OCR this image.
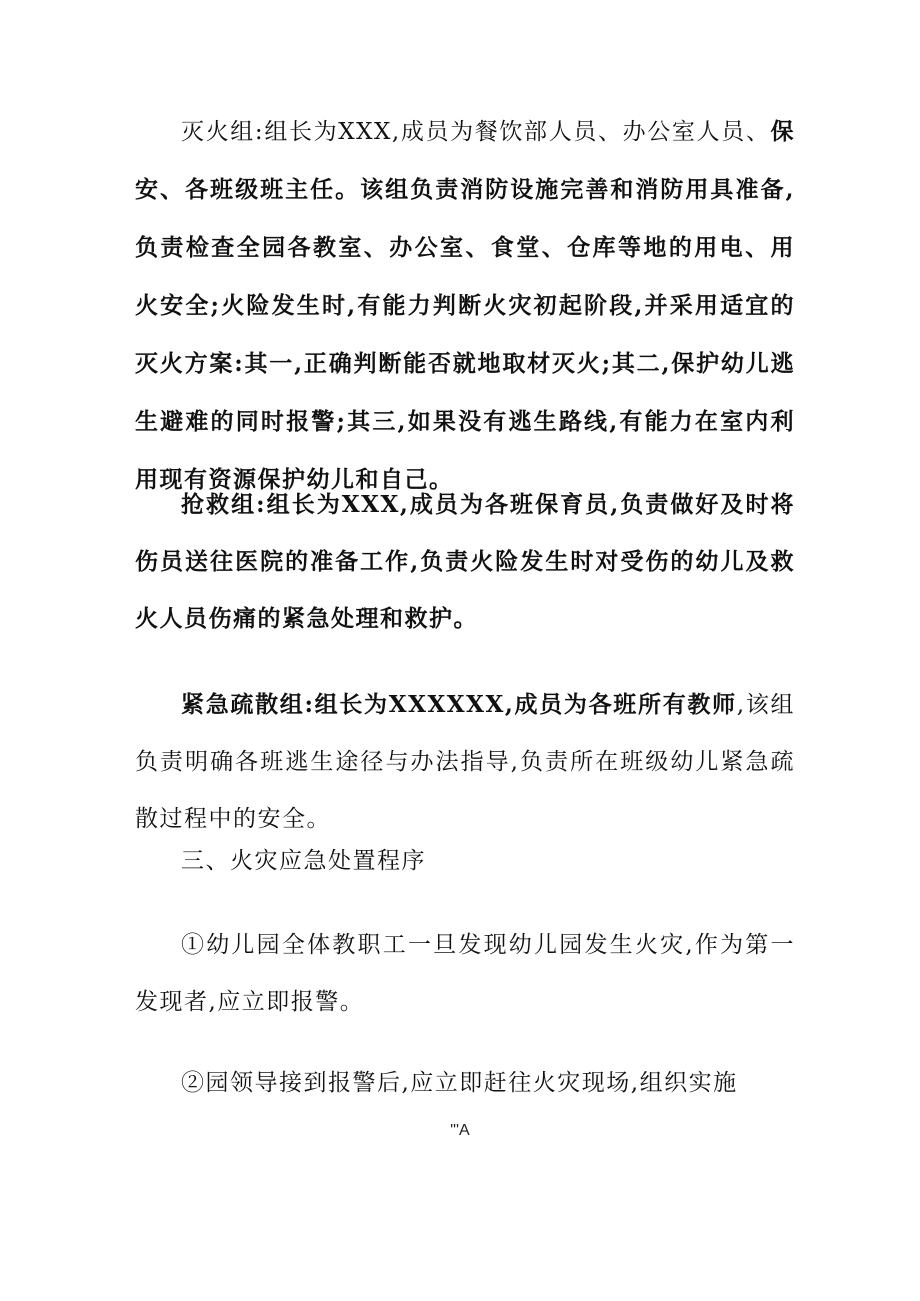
灭火组:组长为XXX,成员为餐饮部人员、办公室人员、保安、各班级班主任。该组负责消防设施完善和消防用具准备,负责检查全园各教室、办公室、食堂、仓库等地的用电、用火安全;火险发生时,有能力判断火灾初起阶段,并采用适宜的灭火方案:其一,正确判断能否就地取材灭火;其二,保护幼儿逃生避难的同时报警;其三,如果没有逃生路线,有能力在室内利用现有资源保护幼儿和自己。

抢救组:组长为XXX,成员为各班保育员,负责做好及时将伤员送往医院的准备工作,负责火险发生时对受伤的幼儿及救火人员伤痛的紧急处理和救护。

紧急疏散组:组长为XXXXXX,成员为各班所有教师,该组负责明确各班逃生途径与办法指导,负责所在班级幼儿紧急疏散过程中的安全。

三、火灾应急处置程序

①幼儿园全体教职工一旦发现幼儿园发生火灾,作为第一发现者,应立即报警。

②园领导接到报警后,应立即赶往火灾现场,组织实施

"'A
